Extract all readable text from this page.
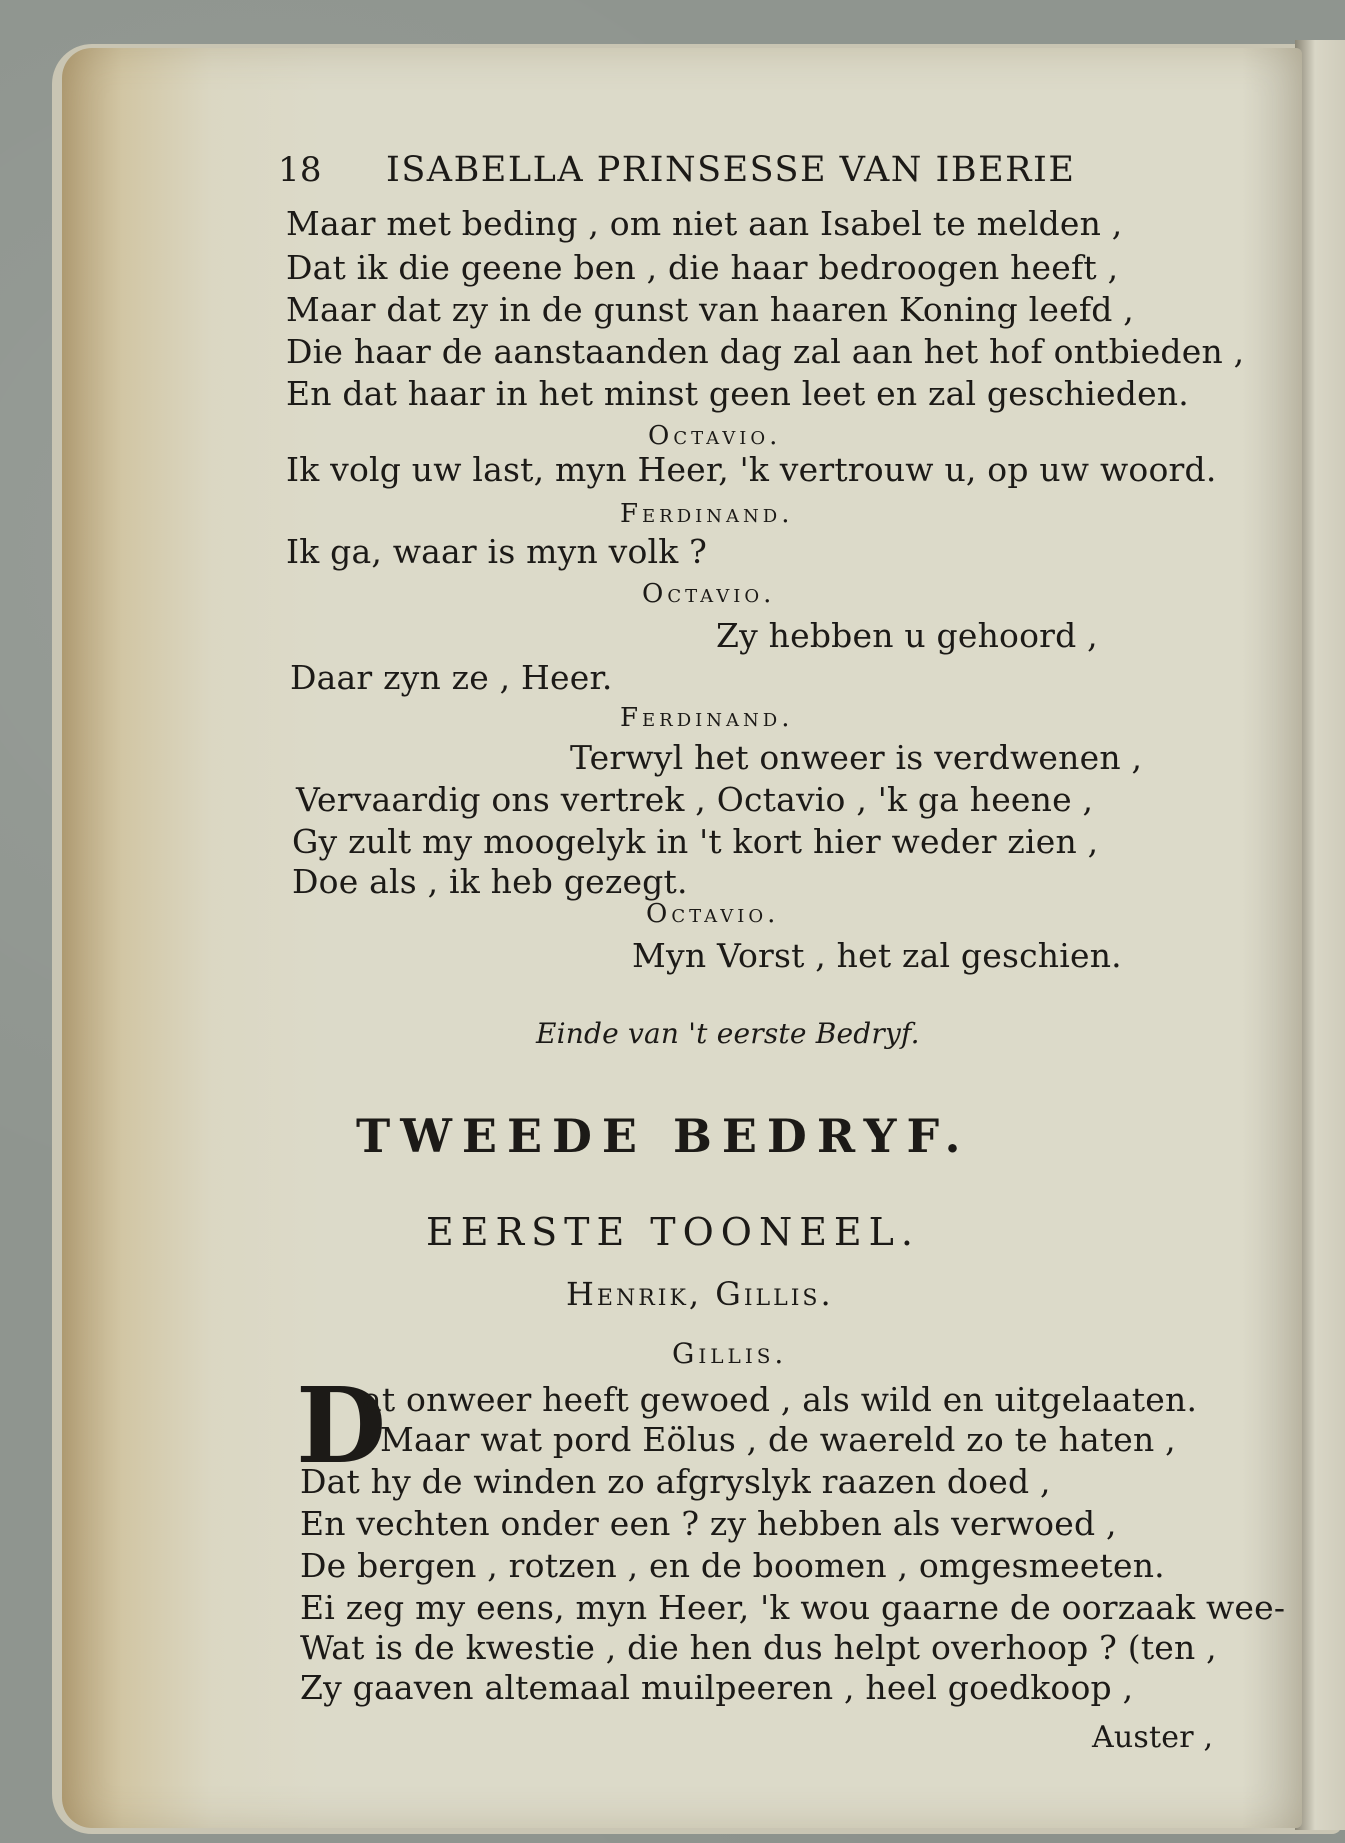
18 ISABELLA PRINSESSE VAN IBERIE
Maar met beding , om niet aan Isabel te melden ,
Dat ik die geene ben , die haar bedroogen heeft ,
Maar dat zy in de gunst van haaren Koning leefd ,
Die haar de aanstaanden dag zal aan het hof ontbieden ,
En dat haar in het minst geen leet en zal geschieden.
Octavio.
Ik volg uw last, myn Heer, 'k vertrouw u, op uw woord.
Ferdinand.
Ik ga, waar is myn volk ?
Octavio.
Zy hebben u gehoord ,
Daar zyn ze , Heer.
Ferdinand.
Terwyl het onweer is verdwenen ,
Vervaardig ons vertrek , Octavio , 'k ga heene ,
Gy zult my moogelyk in 't kort hier weder zien ,
Doe als , ik heb gezegt.
Octavio.
Myn Vorst , het zal geschien.
Einde van 't eerste Bedryf.
TWEEDE BEDRYF.
EERSTE TOONEEL.
Henrik, Gillis.
Gillis.
D
at onweer heeft gewoed , als wild en uitgelaaten.
Maar wat pord Eölus , de waereld zo te haten ,
Dat hy de winden zo afgryslyk raazen doed ,
En vechten onder een ? zy hebben als verwoed ,
De bergen , rotzen , en de boomen , omgesmeeten.
Ei zeg my eens, myn Heer, 'k wou gaarne de oorzaak wee-
Wat is de kwestie , die hen dus helpt overhoop ? (ten ,
Zy gaaven altemaal muilpeeren , heel goedkoop ,
Auster ,
